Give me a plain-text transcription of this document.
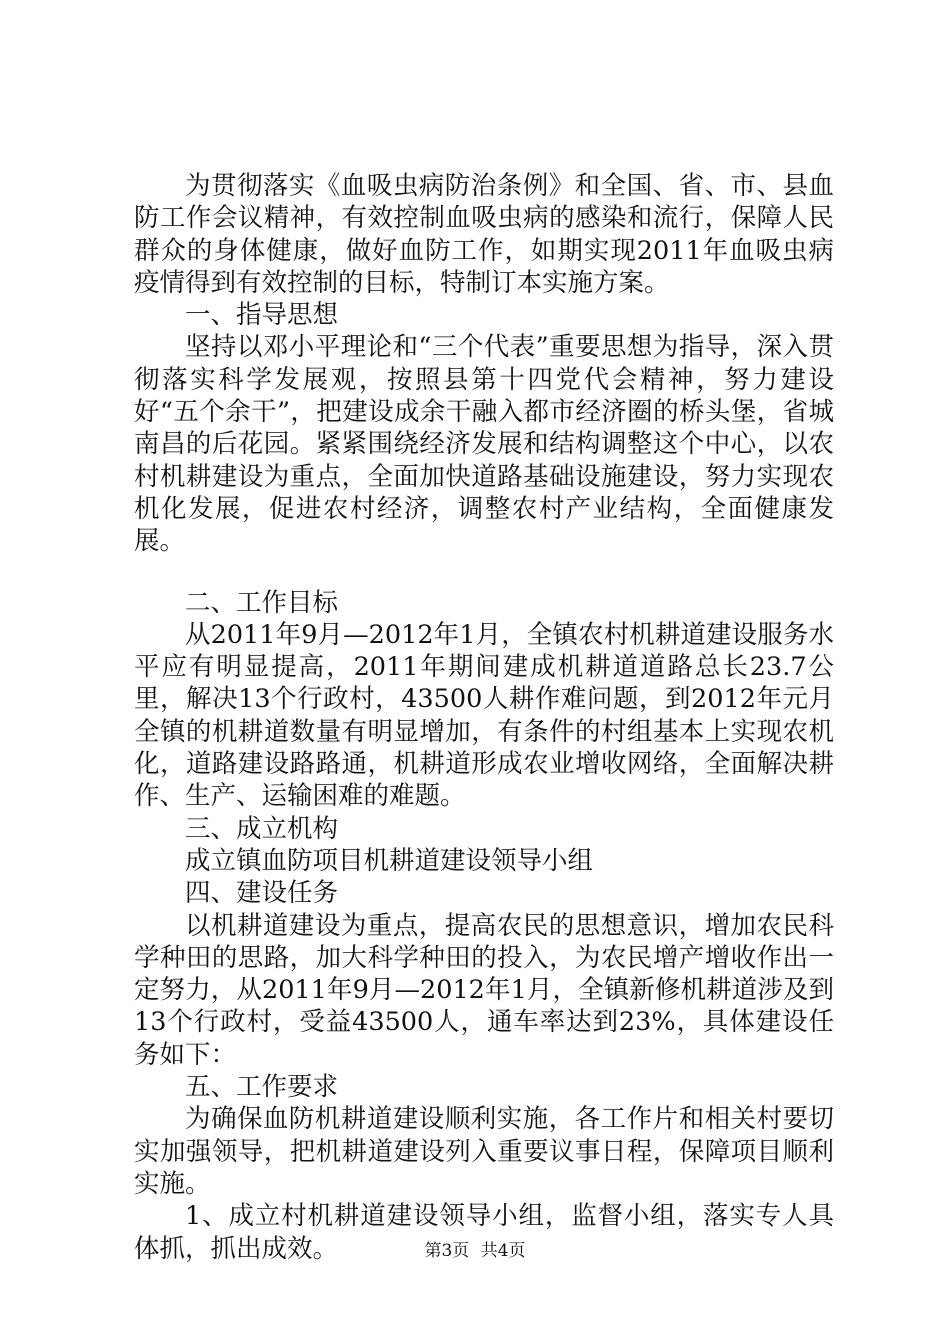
为贯彻落实《血吸虫病防治条例》和全国、省、市、县血防工作会议精神，有效控制血吸虫病的感染和流行，保障人民群众的身体健康，做好血防工作，如期实现2011年血吸虫病疫情得到有效控制的目标，特制订本实施方案。

一、指导思想

坚持以邓小平理论和“三个代表”重要思想为指导，深入贯彻落实科学发展观，按照县第十四党代会精神，努力建设好“五个余干”，把建设成余干融入都市经济圈的桥头堡，省城南昌的后花园。紧紧围绕经济发展和结构调整这个中心，以农村机耕建设为重点，全面加快道路基础设施建设，努力实现农机化发展，促进农村经济，调整农村产业结构，全面健康发展。

二、工作目标

从2011年9月—2012年1月，全镇农村机耕道建设服务水平应有明显提高，2011年期间建成机耕道道路总长23.7公里，解决13个行政村，43500人耕作难问题，到2012年元月全镇的机耕道数量有明显增加，有条件的村组基本上实现农机化，道路建设路路通，机耕道形成农业增收网络，全面解决耕作、生产、运输困难的难题。

三、成立机构

成立镇血防项目机耕道建设领导小组

四、建设任务

以机耕道建设为重点，提高农民的思想意识，增加农民科学种田的思路，加大科学种田的投入，为农民增产增收作出一定努力，从2011年9月—2012年1月，全镇新修机耕道涉及到13个行政村，受益43500人，通车率达到23%，具体建设任务如下：

五、工作要求

为确保血防机耕道建设顺利实施，各工作片和相关村要切实加强领导，把机耕道建设列入重要议事日程，保障项目顺利实施。

1、成立村机耕道建设领导小组，监督小组，落实专人具体抓，抓出成效。	第3页 共4页
